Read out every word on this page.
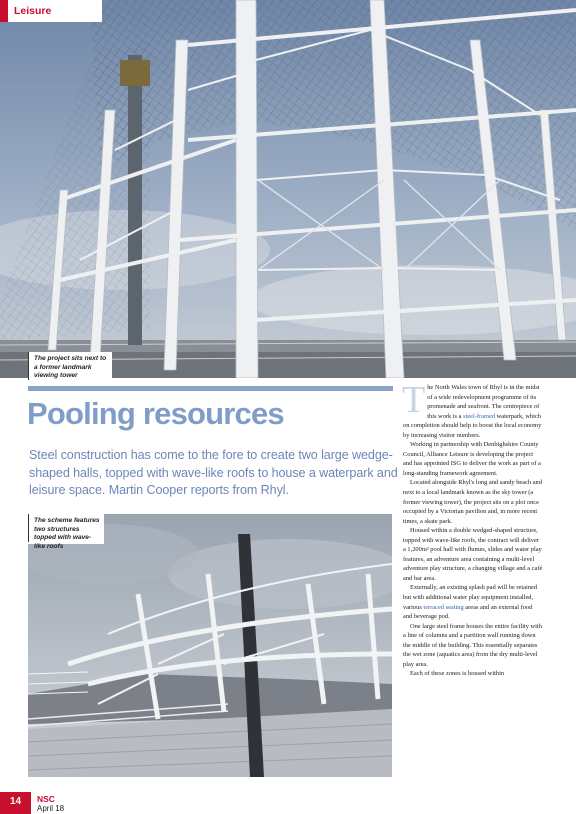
Leisure
The project sits next to a former landmark viewing tower
Pooling resources

Steel construction has come to the fore to create two large wedge-shaped halls, topped with wave-like roofs to house a waterpark and leisure space. Martin Cooper reports from Rhyl.

The scheme features two structures topped with wave-like roofs

The North Wales town of Rhyl is in the midst of a wide redevelopment programme of its promenade and seafront. The centrepiece of this work is a steel-framed waterpark, which on completion should help to boost the local economy by increasing visitor numbers.

Working in partnership with Denbighshire County Council, Alliance Leisure is developing the project and has appointed ISG to deliver the work as part of a long-standing framework agreement.

Located alongside Rhyl's long and sandy beach and next to a local landmark known as the sky tower (a former viewing tower), the project sits on a plot once occupied by a Victorian pavilion and, in more recent times, a skate park.

Housed within a double wedged-shaped structure, topped with wave-like roofs, the contract will deliver a 1,200m² pool hall with flumes, slides and water play features, an adventure area containing a multi-level adventure play structure, a changing village and a café and bar area.

Externally, an existing splash pad will be retained but with additional water play equipment installed, various terraced seating areas and an external food and beverage pod.

One large steel frame houses the entire facility with a line of columns and a partition wall running down the middle of the building. This essentially separates the wet zone (aquatics area) from the dry multi-level play area.

Each of these zones is housed within

14	NSC
April 18
